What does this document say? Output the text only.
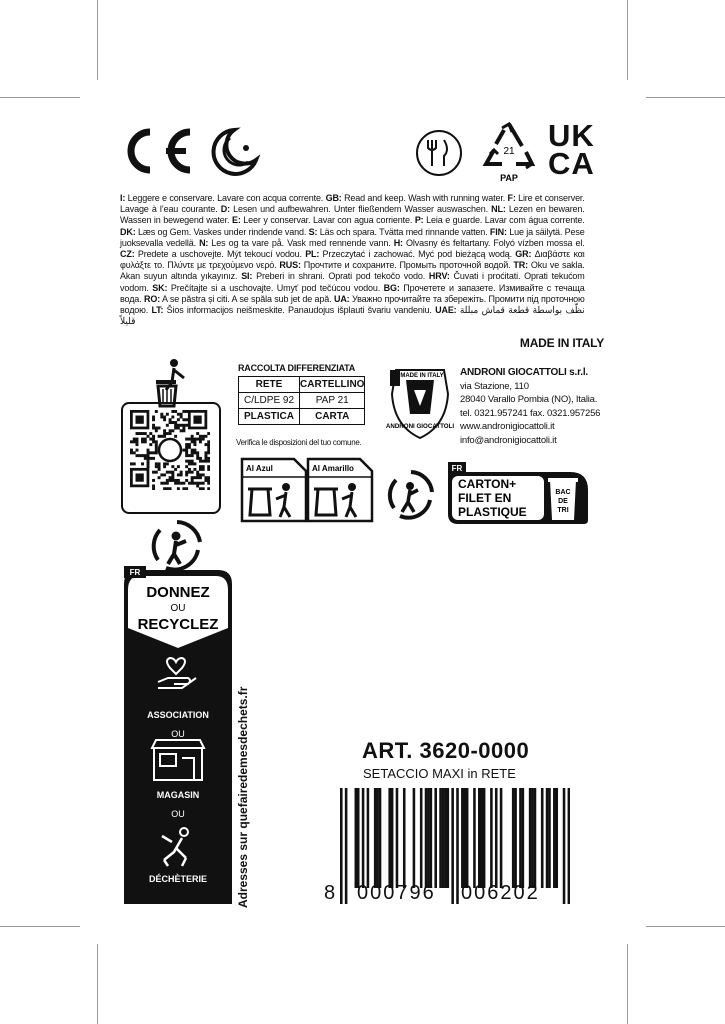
21
PAP
UK
CA
I: Leggere e conservare. Lavare con acqua corrente. GB: Read and keep. Wash with running water. F: Lire et conserver. Lavage à l’eau courante. D: Lesen und aufbewahren. Unter fließendem Wasser auswaschen. NL: Lezen en bewaren. Wassen in bewegend water. E: Leer y conservar. Lavar con agua corriente. P: Leia e guarde. Lavar com água corrente. DK: Læs og Gem. Vaskes under rindende vand. S: Läs och spara. Tvätta med rinnande vatten. FIN: Lue ja säilytä. Pese juoksevalla vedellä. N: Les og ta vare på. Vask med rennende vann. H: Olvasny és feltartany. Folyó vízben mossa el. CZ: Predete a uschovejte. Mýt tekoucí vodou. PL: Przeczytać i zachować. Myć pod bieżącą wodą. GR: Διαβάστε και φυλάξτε το. Πλύντε με τρεχούμενο νερό. RUS: Прочтите и сохраните. Промыть проточной водой. TR: Oku ve sakla. Akan suyun altında yıkayınız. SI: Preberi in shrani. Oprati pod tekočo vodo. HRV: Čuvati i proćitati. Oprati tekućom vodom. SK: Prečítajte si a uschovajte. Umyť pod tečúcou vodou. BG: Прочетете и запазете. Измивайте с течаща вода. RO: A se păstra și citi. A se spăla sub jet de apă. UA: Уважно прочитайте та збережіть. Промити під проточною водою. LT: Šios informacijos neišmeskite. Panaudojus išplauti švariu vandeniu. UAE: نظّف بواسطة قطعة قماش مبللة قليلاً
MADE IN ITALY
RACCOLTA DIFFERENZIATA
RETE	CARTELLINO
C/LDPE 92	PAP 21
PLASTICA	CARTA
Verifica le disposizioni del tuo comune.
MADE IN ITALY
ANDRONI GIOCATTOLI
ANDRONI GIOCATTOLI s.r.l.
via Stazione, 110
28040 Varallo Pombia (NO), Italia.
tel. 0321.957241 fax. 0321.957256
www.andronigiocattoli.it
info@andronigiocattoli.it
Al Azul	Al Amarillo	FR
CARTON+
FILET EN
PLASTIQUE
BAC
DE
TRI
FR
DONNEZ
OU
RECYCLEZ
ASSOCIATION
OU
MAGASIN
OU
DÉCHÈTERIE Adresses sur quefairedemesdechets.fr	ART. 3620-0000
SETACCIO MAXI in RETE
8 000796 006202
